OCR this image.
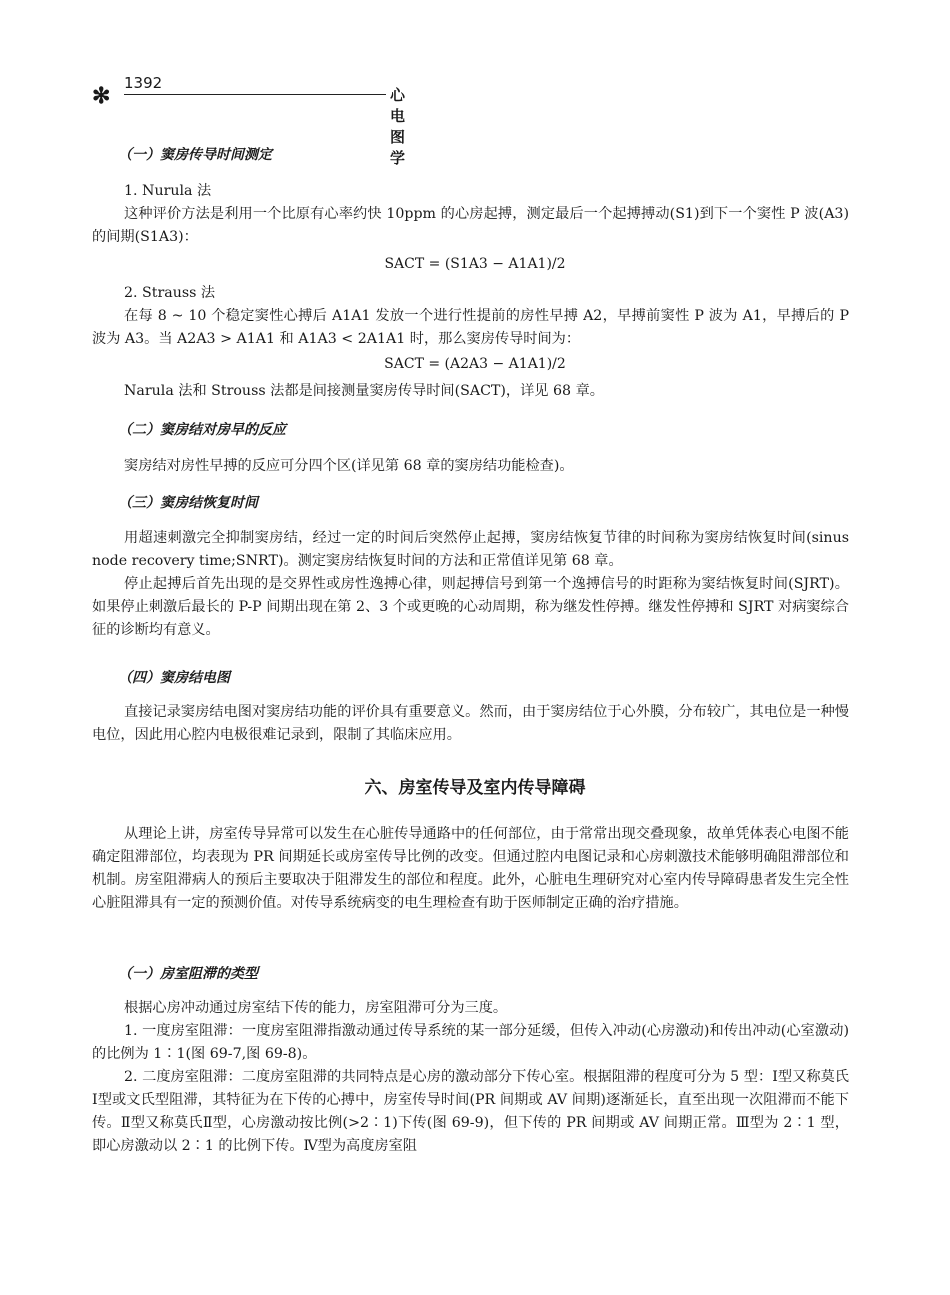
✻ 1392
心电图学
（一）窦房传导时间测定

1. Nurula 法

这种评价方法是利用一个比原有心率约快 10ppm 的心房起搏，测定最后一个起搏搏动(S1)到下一个窦性 P 波(A3)的间期(S1A3)：

SACT = (S1A3 − A1A1)/2

2. Strauss 法

在每 8 ~ 10 个稳定窦性心搏后 A1A1 发放一个进行性提前的房性早搏 A2，早搏前窦性 P 波为 A1，早搏后的 P 波为 A3。当 A2A3 > A1A1 和 A1A3 < 2A1A1 时，那么窦房传导时间为：

SACT = (A2A3 − A1A1)/2

Narula 法和 Strouss 法都是间接测量窦房传导时间(SACT)，详见 68 章。

（二）窦房结对房早的反应

窦房结对房性早搏的反应可分四个区(详见第 68 章的窦房结功能检查)。

（三）窦房结恢复时间

用超速刺激完全抑制窦房结，经过一定的时间后突然停止起搏，窦房结恢复节律的时间称为窦房结恢复时间(sinus node recovery time;SNRT)。测定窦房结恢复时间的方法和正常值详见第 68 章。

停止起搏后首先出现的是交界性或房性逸搏心律，则起搏信号到第一个逸搏信号的时距称为窦结恢复时间(SJRT)。如果停止刺激后最长的 P-P 间期出现在第 2、3 个或更晚的心动周期，称为继发性停搏。继发性停搏和 SJRT 对病窦综合征的诊断均有意义。

（四）窦房结电图

直接记录窦房结电图对窦房结功能的评价具有重要意义。然而，由于窦房结位于心外膜，分布较广，其电位是一种慢电位，因此用心腔内电极很难记录到，限制了其临床应用。

六、房室传导及室内传导障碍

从理论上讲，房室传导异常可以发生在心脏传导通路中的任何部位，由于常常出现交叠现象，故单凭体表心电图不能确定阻滞部位，均表现为 PR 间期延长或房室传导比例的改变。但通过腔内电图记录和心房刺激技术能够明确阻滞部位和机制。房室阻滞病人的预后主要取决于阻滞发生的部位和程度。此外，心脏电生理研究对心室内传导障碍患者发生完全性心脏阻滞具有一定的预测价值。对传导系统病变的电生理检查有助于医师制定正确的治疗措施。

（一）房室阻滞的类型

根据心房冲动通过房室结下传的能力，房室阻滞可分为三度。

1. 一度房室阻滞：一度房室阻滞指激动通过传导系统的某一部分延缓，但传入冲动(心房激动)和传出冲动(心室激动)的比例为 1∶1(图 69-7,图 69-8)。

2. 二度房室阻滞：二度房室阻滞的共同特点是心房的激动部分下传心室。根据阻滞的程度可分为 5 型：Ⅰ型又称莫氏Ⅰ型或文氏型阻滞，其特征为在下传的心搏中，房室传导时间(PR 间期或 AV 间期)逐渐延长，直至出现一次阻滞而不能下传。Ⅱ型又称莫氏Ⅱ型，心房激动按比例(>2∶1)下传(图 69-9)，但下传的 PR 间期或 AV 间期正常。Ⅲ型为 2∶1 型，即心房激动以 2∶1 的比例下传。Ⅳ型为高度房室阻
